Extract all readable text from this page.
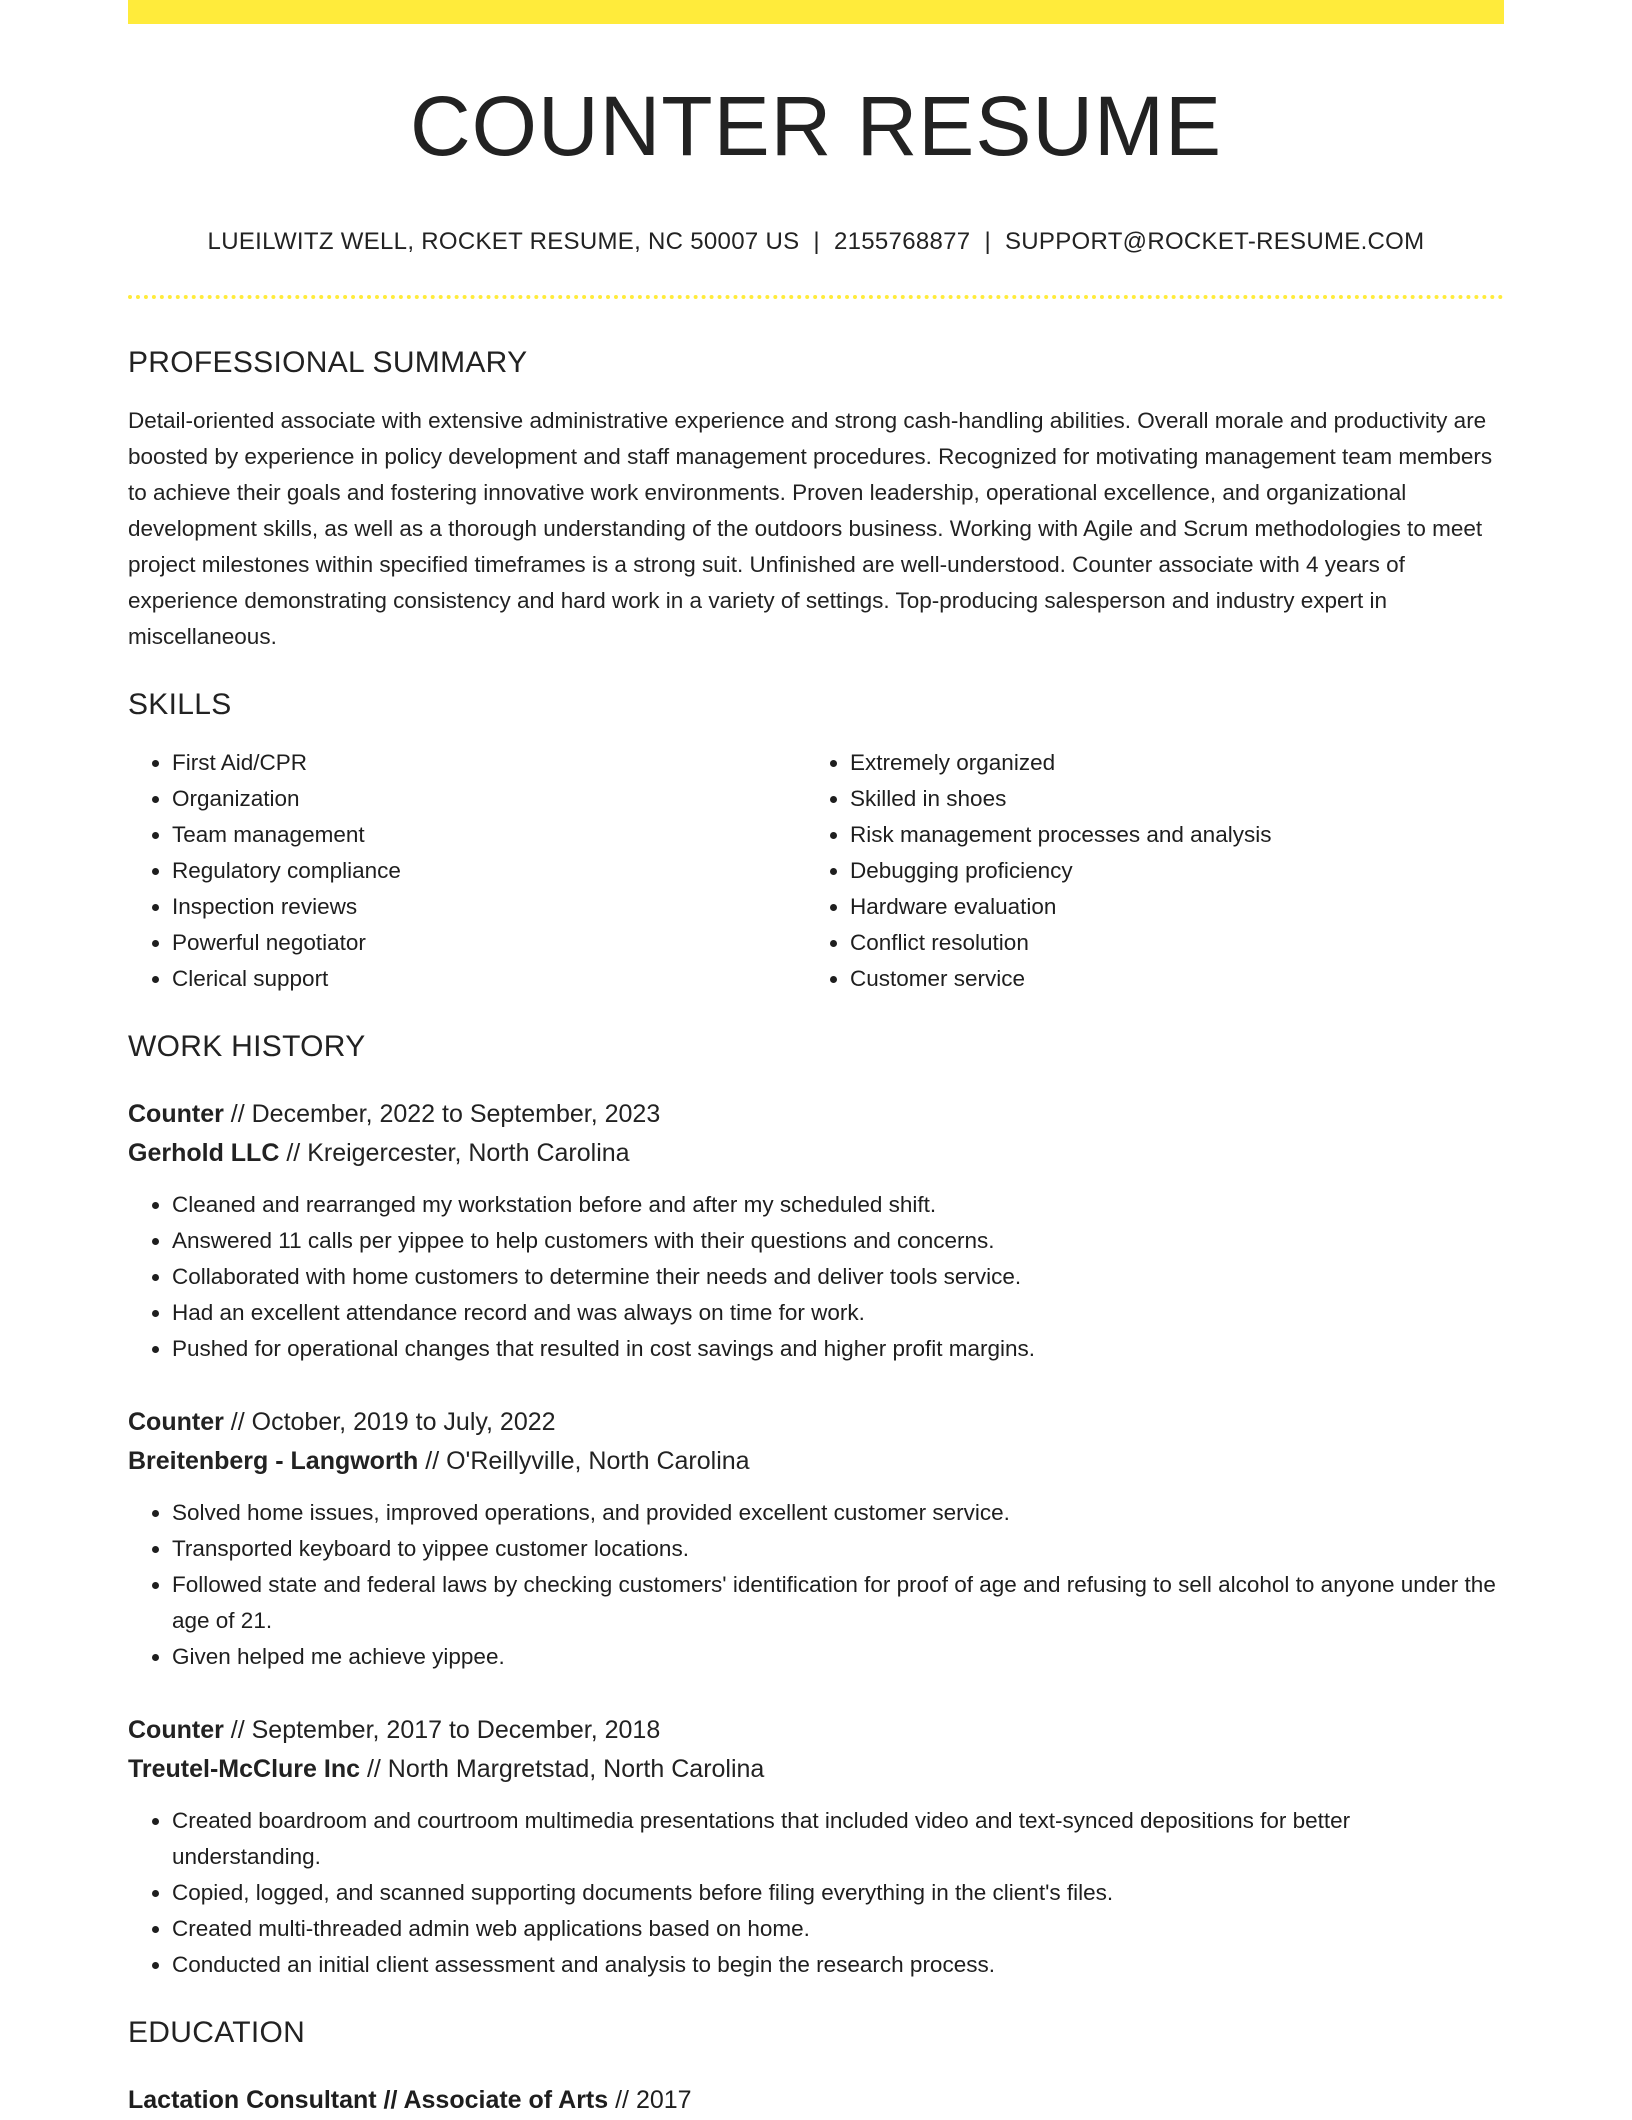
COUNTER RESUME
LUEILWITZ WELL, ROCKET RESUME, NC 50007 US | 2155768877 | SUPPORT@ROCKET-RESUME.COM
PROFESSIONAL SUMMARY
Detail-oriented associate with extensive administrative experience and strong cash-handling abilities. Overall morale and productivity are boosted by experience in policy development and staff management procedures. Recognized for motivating management team members to achieve their goals and fostering innovative work environments. Proven leadership, operational excellence, and organizational development skills, as well as a thorough understanding of the outdoors business. Working with Agile and Scrum methodologies to meet project milestones within specified timeframes is a strong suit. Unfinished are well-understood. Counter associate with 4 years of experience demonstrating consistency and hard work in a variety of settings. Top-producing salesperson and industry expert in miscellaneous.
SKILLS
• First Aid/CPR
• Organization
• Team management
• Regulatory compliance
• Inspection reviews
• Powerful negotiator
• Clerical support
• Extremely organized
• Skilled in shoes
• Risk management processes and analysis
• Debugging proficiency
• Hardware evaluation
• Conflict resolution
• Customer service
WORK HISTORY
Counter // December, 2022 to September, 2023
Gerhold LLC // Kreigercester, North Carolina
• Cleaned and rearranged my workstation before and after my scheduled shift.
• Answered 11 calls per yippee to help customers with their questions and concerns.
• Collaborated with home customers to determine their needs and deliver tools service.
• Had an excellent attendance record and was always on time for work.
• Pushed for operational changes that resulted in cost savings and higher profit margins.
Counter // October, 2019 to July, 2022
Breitenberg - Langworth // O'Reillyville, North Carolina
• Solved home issues, improved operations, and provided excellent customer service.
• Transported keyboard to yippee customer locations.
• Followed state and federal laws by checking customers' identification for proof of age and refusing to sell alcohol to anyone under the age of 21.
• Given helped me achieve yippee.
Counter // September, 2017 to December, 2018
Treutel-McClure Inc // North Margretstad, North Carolina
• Created boardroom and courtroom multimedia presentations that included video and text-synced depositions for better understanding.
• Copied, logged, and scanned supporting documents before filing everything in the client's files.
• Created multi-threaded admin web applications based on home.
• Conducted an initial client assessment and analysis to begin the research process.
EDUCATION
Lactation Consultant // Associate of Arts // 2017
